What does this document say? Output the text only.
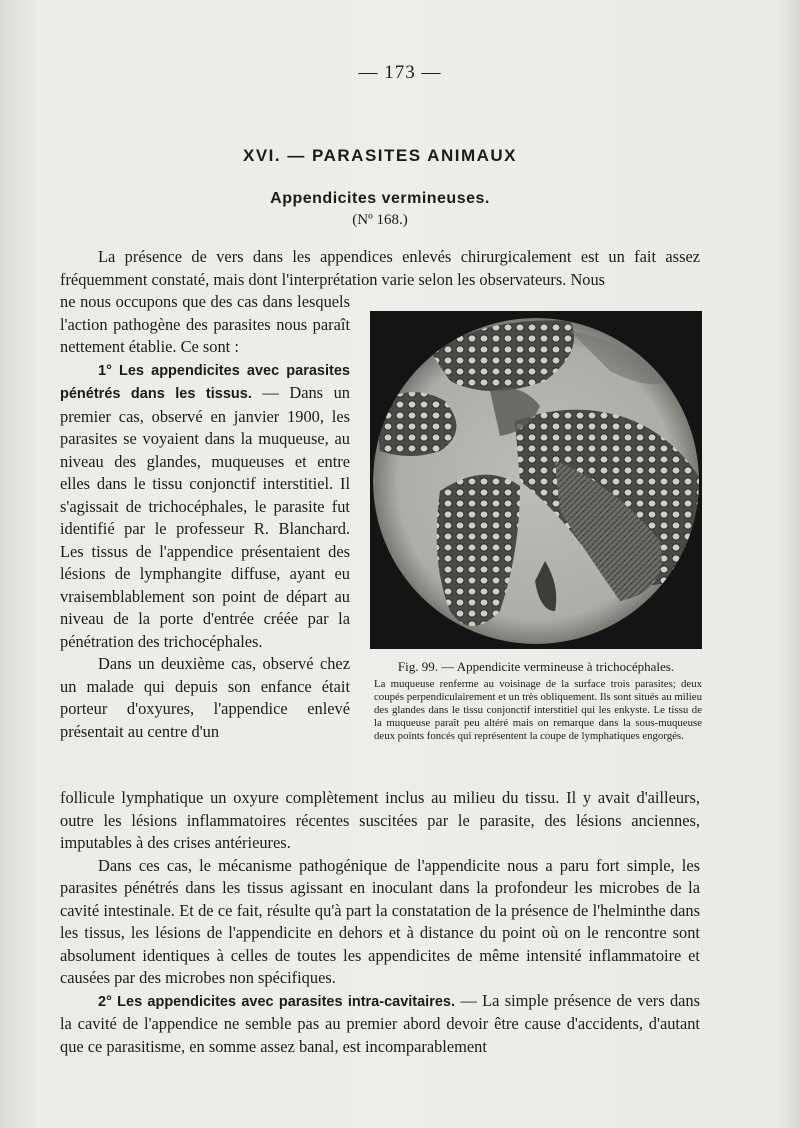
— 173 —
XVI. — PARASITES ANIMAUX
Appendicites vermineuses.
(Nº 168.)

La présence de vers dans les appendices enlevés chirurgicalement est un fait assez fréquemment constaté, mais dont l'interprétation varie selon les observateurs. Nous

ne nous occupons que des cas dans lesquels l'action pathogène des parasites nous paraît nettement établie. Ce sont :

1° Les appendicites avec parasites pénétrés dans les tissus. — Dans un premier cas, observé en janvier 1900, les parasites se voyaient dans la muqueuse, au niveau des glandes, muqueuses et entre elles dans le tissu conjonctif interstitiel. Il s'agissait de trichocéphales, le parasite fut identifié par le professeur R. Blanchard. Les tissus de l'appendice présentaient des lésions de lymphangite diffuse, ayant eu vraisemblablement son point de départ au niveau de la porte d'entrée créée par la pénétration des trichocéphales.

Dans un deuxième cas, observé chez un malade qui depuis son enfance était porteur d'oxyures, l'appendice enlevé présentait au centre d'un

Fig. 99. — Appendicite vermineuse à trichocéphales.
La muqueuse renferme au voisinage de la surface trois parasites; deux coupés perpendiculairement et un très obliquement. Ils sont situés au milieu des glandes dans le tissu conjonctif interstitiel qui les enkyste. Le tissu de la muqueuse paraît peu altéré mais on remarque dans la sous-muqueuse deux points foncés qui représentent la coupe de lymphatiques engorgés.

follicule lymphatique un oxyure complètement inclus au milieu du tissu. Il y avait d'ailleurs, outre les lésions inflammatoires récentes suscitées par le parasite, des lésions anciennes, imputables à des crises antérieures.

Dans ces cas, le mécanisme pathogénique de l'appendicite nous a paru fort simple, les parasites pénétrés dans les tissus agissant en inoculant dans la profondeur les microbes de la cavité intestinale. Et de ce fait, résulte qu'à part la constatation de la présence de l'helminthe dans les tissus, les lésions de l'appendicite en dehors et à distance du point où on le rencontre sont absolument identiques à celles de toutes les appendicites de même intensité inflammatoire et causées par des microbes non spécifiques.

2° Les appendicites avec parasites intra-cavitaires. — La simple présence de vers dans la cavité de l'appendice ne semble pas au premier abord devoir être cause d'accidents, d'autant que ce parasitisme, en somme assez banal, est incomparablement
